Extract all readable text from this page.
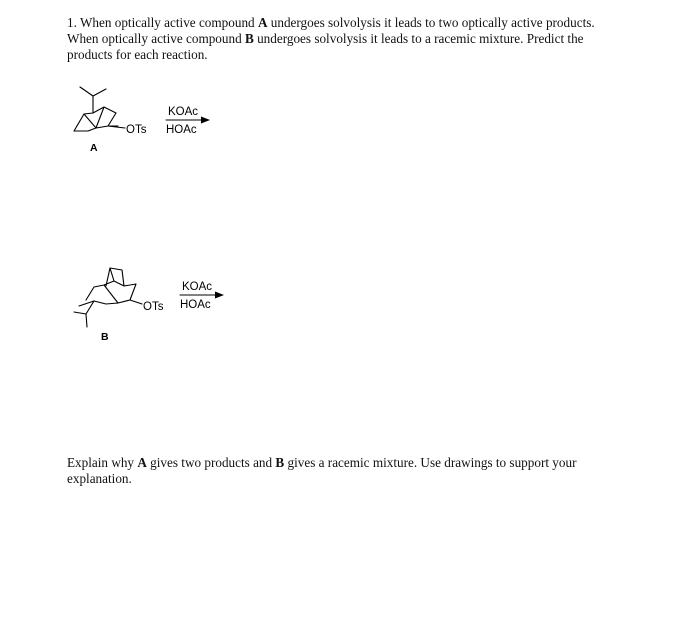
1. When optically active compound A undergoes solvolysis it leads to two optically active products.

When optically active compound B undergoes solvolysis it leads to a racemic mixture. Predict the

products for each reaction.

OTs
KOAc
HOAc
A
OTs
KOAc
HOAc
B

Explain why A gives two products and B gives a racemic mixture. Use drawings to support your

explanation.
